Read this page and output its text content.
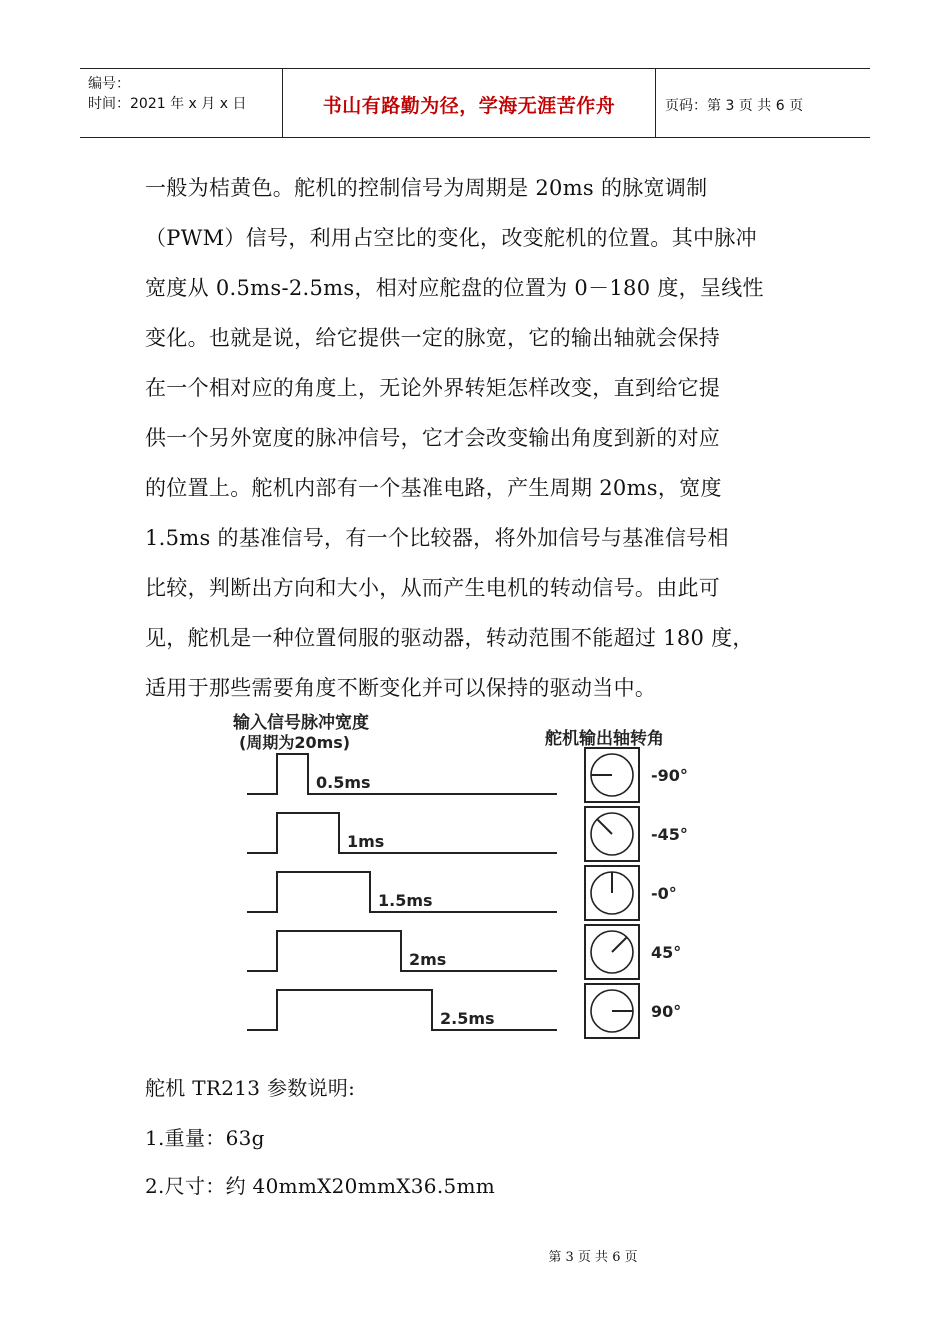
编号：
时间：2021 年 x 月 x 日	书山有路勤为径，学海无涯苦作舟	页码：第 3 页 共 6 页
一般为桔黄色。舵机的控制信号为周期是 20ms 的脉宽调制
（PWM）信号，利用占空比的变化，改变舵机的位置。其中脉冲
宽度从 0.5ms-2.5ms，相对应舵盘的位置为 0－180 度，呈线性
变化。也就是说，给它提供一定的脉宽，它的输出轴就会保持
在一个相对应的角度上，无论外界转矩怎样改变，直到给它提
供一个另外宽度的脉冲信号，它才会改变输出角度到新的对应
的位置上。舵机内部有一个基准电路，产生周期 20ms，宽度
1.5ms 的基准信号，有一个比较器，将外加信号与基准信号相
比较，判断出方向和大小，从而产生电机的转动信号。由此可
见，舵机是一种位置伺服的驱动器，转动范围不能超过 180 度，
适用于那些需要角度不断变化并可以保持的驱动当中。
输入信号脉冲宽度
(周期为20ms)	舵机输出轴转角
0.5ms	-90°
1ms	-45°
1.5ms	-0°
2ms	45°
2.5ms	90°
舵机 TR213 参数说明:
1.重量：63g
2.尺寸：约 40mmX20mmX36.5mm
第 3 页 共 6 页
